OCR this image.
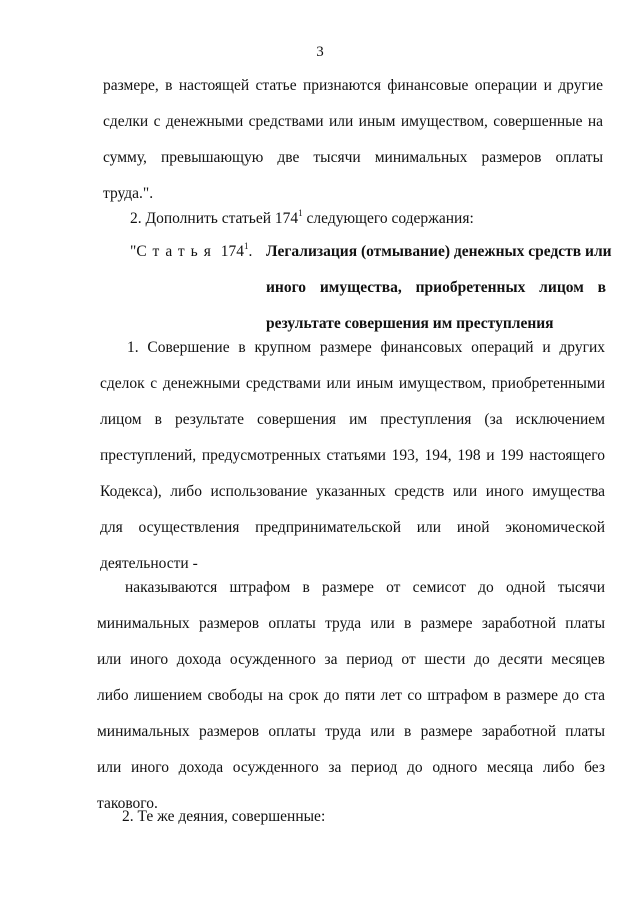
3
размере, в настоящей статье признаются финансовые операции и другие
сделки с денежными средствами или иным имуществом, совершенные на
сумму, превышающую две тысячи минимальных размеров оплаты
труда.".
2. Дополнить статьей $174^1$ следующего содержания:
"Статья $174^1$. Легализация (отмывание) денежных средств или
иного имущества, приобретенных лицом в
результате совершения им преступления
1. Совершение в крупном размере финансовых операций и других
сделок с денежными средствами или иным имуществом, приобретенными
лицом в результате совершения им преступления (за исключением
преступлений, предусмотренных статьями 193, 194, 198 и 199 настоящего
Кодекса), либо использование указанных средств или иного имущества
для осуществления предпринимательской или иной экономической
деятельности -
наказываются штрафом в размере от семисот до одной тысячи
минимальных размеров оплаты труда или в размере заработной платы
или иного дохода осужденного за период от шести до десяти месяцев
либо лишением свободы на срок до пяти лет со штрафом в размере до ста
минимальных размеров оплаты труда или в размере заработной платы
или иного дохода осужденного за период до одного месяца либо без
такового.
2. Те же деяния, совершенные:
